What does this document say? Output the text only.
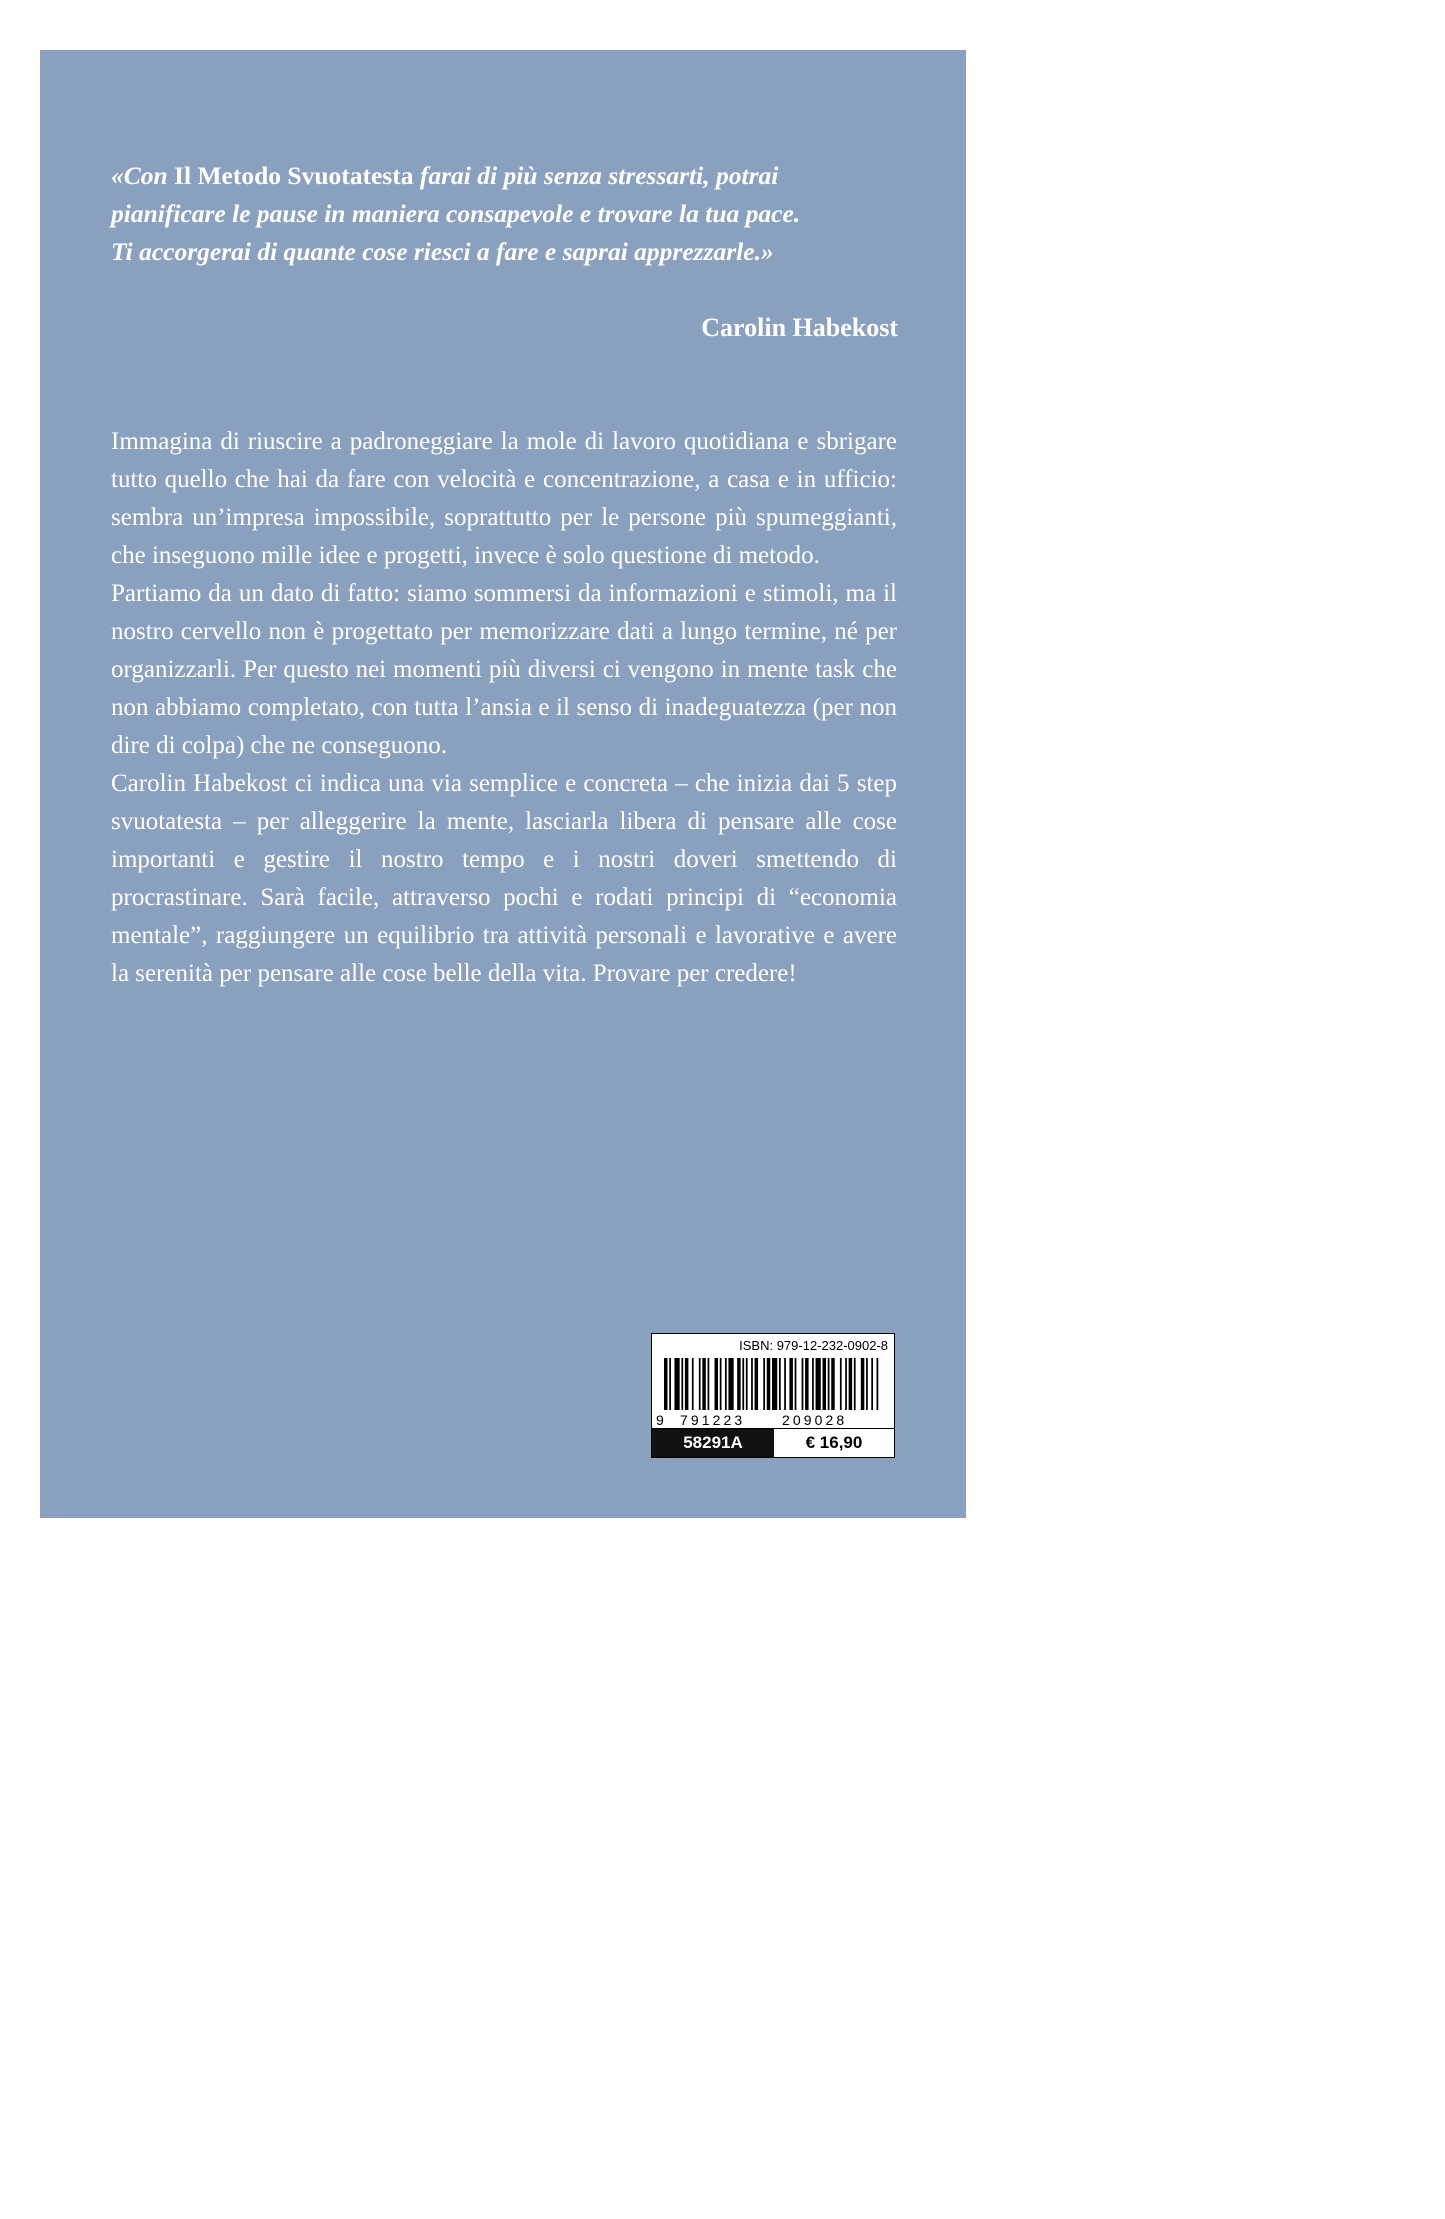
«Con Il Metodo Svuotatesta farai di più senza stressarti, potrai
pianificare le pause in maniera consapevole e trovare la tua pace.
Ti accorgerai di quante cose riesci a fare e saprai apprezzarle.»

Carolin Habekost

Immagina di riuscire a padroneggiare la mole di lavoro quotidiana e sbrigare tutto quello che hai da fare con velocità e concentrazione, a casa e in ufficio: sembra un’impresa impossibile, soprattutto per le persone più spumeggianti, che inseguono mille idee e progetti, invece è solo questione di metodo.

Partiamo da un dato di fatto: siamo sommersi da informazioni e stimoli, ma il nostro cervello non è progettato per memorizzare dati a lungo termine, né per organizzarli. Per questo nei momenti più diversi ci vengono in mente task che non abbiamo completato, con tutta l’ansia e il senso di inadeguatezza (per non dire di colpa) che ne conseguono.

Carolin Habekost ci indica una via semplice e concreta – che inizia dai 5 step svuotatesta – per alleggerire la mente, lasciarla libera di pensare alle cose importanti e gestire il nostro tempo e i nostri doveri smettendo di procrastinare. Sarà facile, attraverso pochi e rodati principi di “economia mentale”, raggiungere un equilibrio tra attività personali e lavorative e avere la serenità per pensare alle cose belle della vita. Provare per credere!

ISBN: 979-12-232-0902-8
9 791223	209028
58291A	€ 16,90
